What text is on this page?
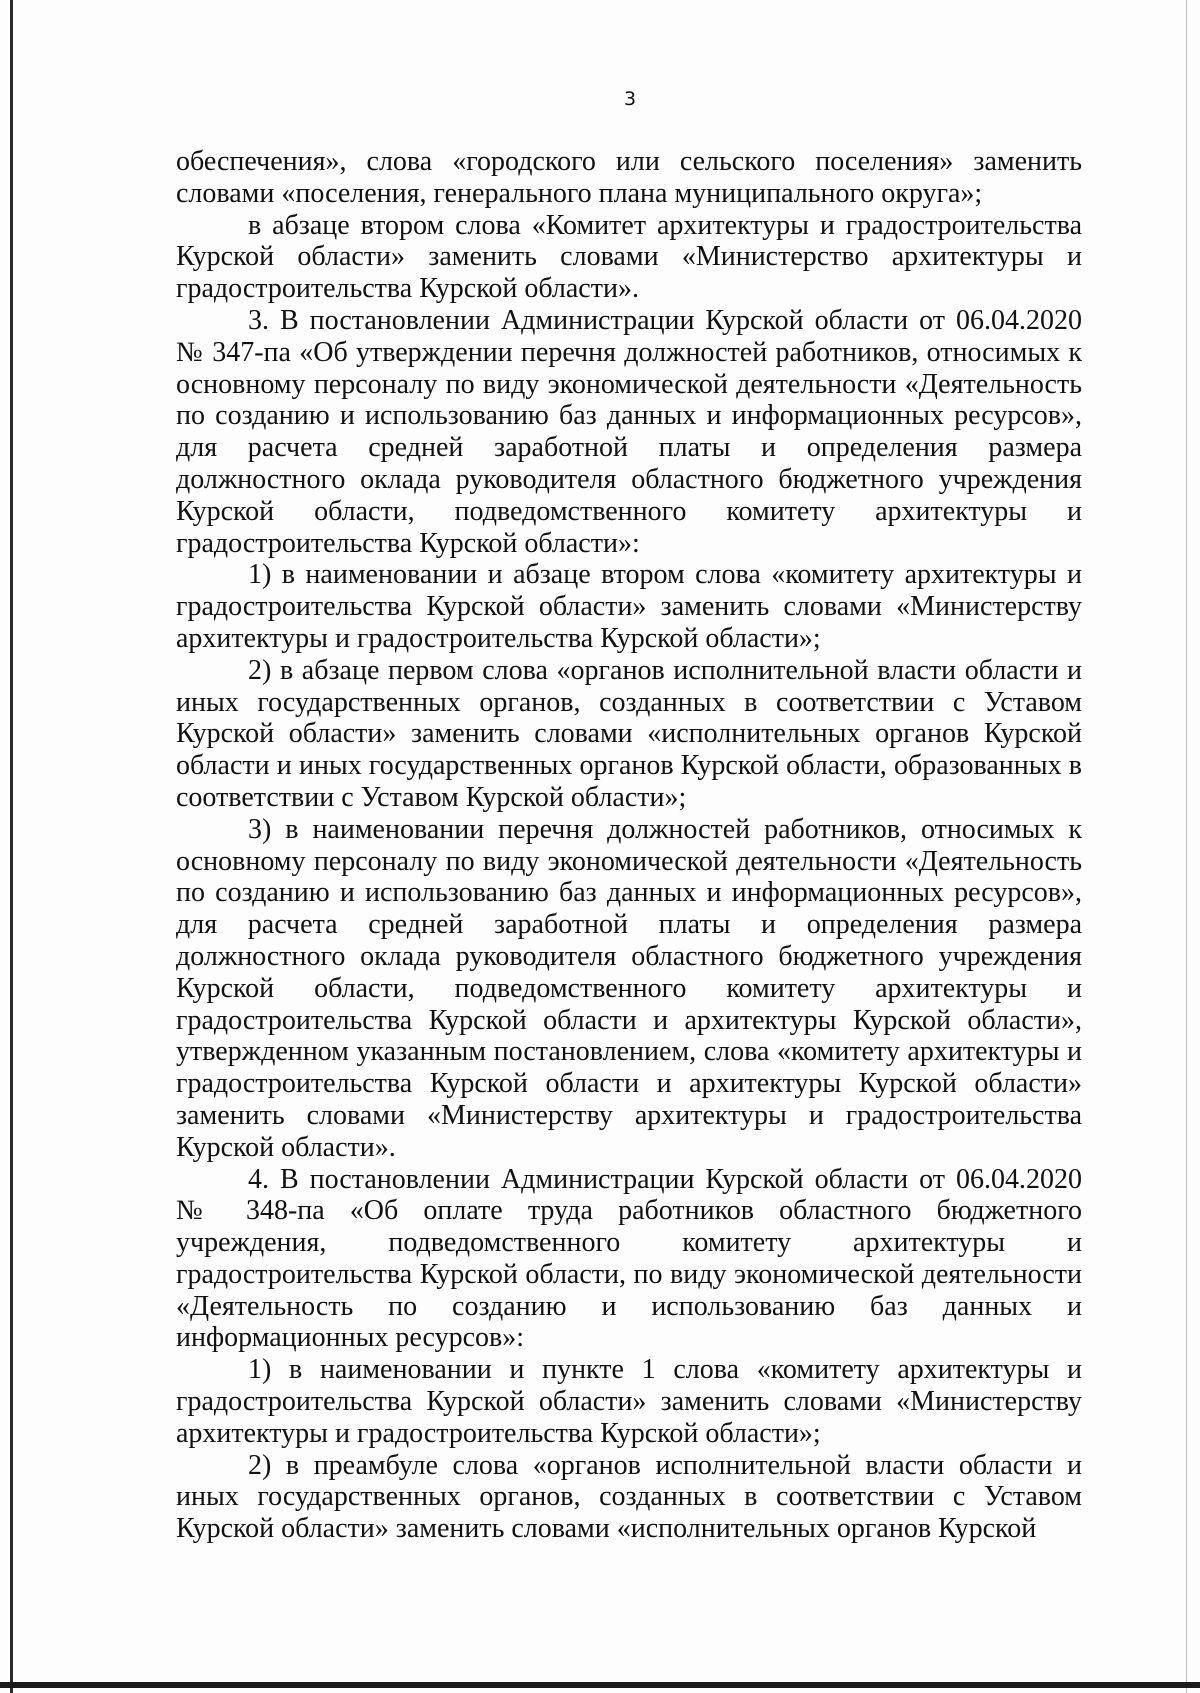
3

обеспечения», слова «городского или сельского поселения» заменить словами «поселения, генерального плана муниципального округа»;

в абзаце втором слова «Комитет архитектуры и градостроительства Курской области» заменить словами «Министерство архитектуры и градостроительства Курской области».

3. В постановлении Администрации Курской области от 06.04.2020 № 347-па «Об утверждении перечня должностей работников, относимых к основному персоналу по виду экономической деятельности «Деятельность по созданию и использованию баз данных и информационных ресурсов», для расчета средней заработной платы и определения размера должностного оклада руководителя областного бюджетного учреждения Курской области, подведомственного комитету архитектуры и градостроительства Курской области»:

1) в наименовании и абзаце втором слова «комитету архитектуры и градостроительства Курской области» заменить словами «Министерству архитектуры и градостроительства Курской области»;

2) в абзаце первом слова «органов исполнительной власти области и иных государственных органов, созданных в соответствии с Уставом Курской области» заменить словами «исполнительных органов Курской области и иных государственных органов Курской области, образованных в соответствии с Уставом Курской области»;

3) в наименовании перечня должностей работников, относимых к основному персоналу по виду экономической деятельности «Деятельность по созданию и использованию баз данных и информационных ресурсов», для расчета средней заработной платы и определения размера должностного оклада руководителя областного бюджетного учреждения Курской области, подведомственного комитету архитектуры и градостроительства Курской области и архитектуры Курской области», утвержденном указанным постановлением, слова «комитету архитектуры и градостроительства Курской области и архитектуры Курской области» заменить словами «Министерству архитектуры и градостроительства Курской области».

4. В постановлении Администрации Курской области от 06.04.2020 № 348-па «Об оплате труда работников областного бюджетного учреждения, подведомственного комитету архитектуры и градостроительства Курской области, по виду экономической деятельности «Деятельность по созданию и использованию баз данных и информационных ресурсов»:

1) в наименовании и пункте 1 слова «комитету архитектуры и градостроительства Курской области» заменить словами «Министерству архитектуры и градостроительства Курской области»;

2) в преамбуле слова «органов исполнительной власти области и иных государственных органов, созданных в соответствии с Уставом Курской области» заменить словами «исполнительных органов Курской
